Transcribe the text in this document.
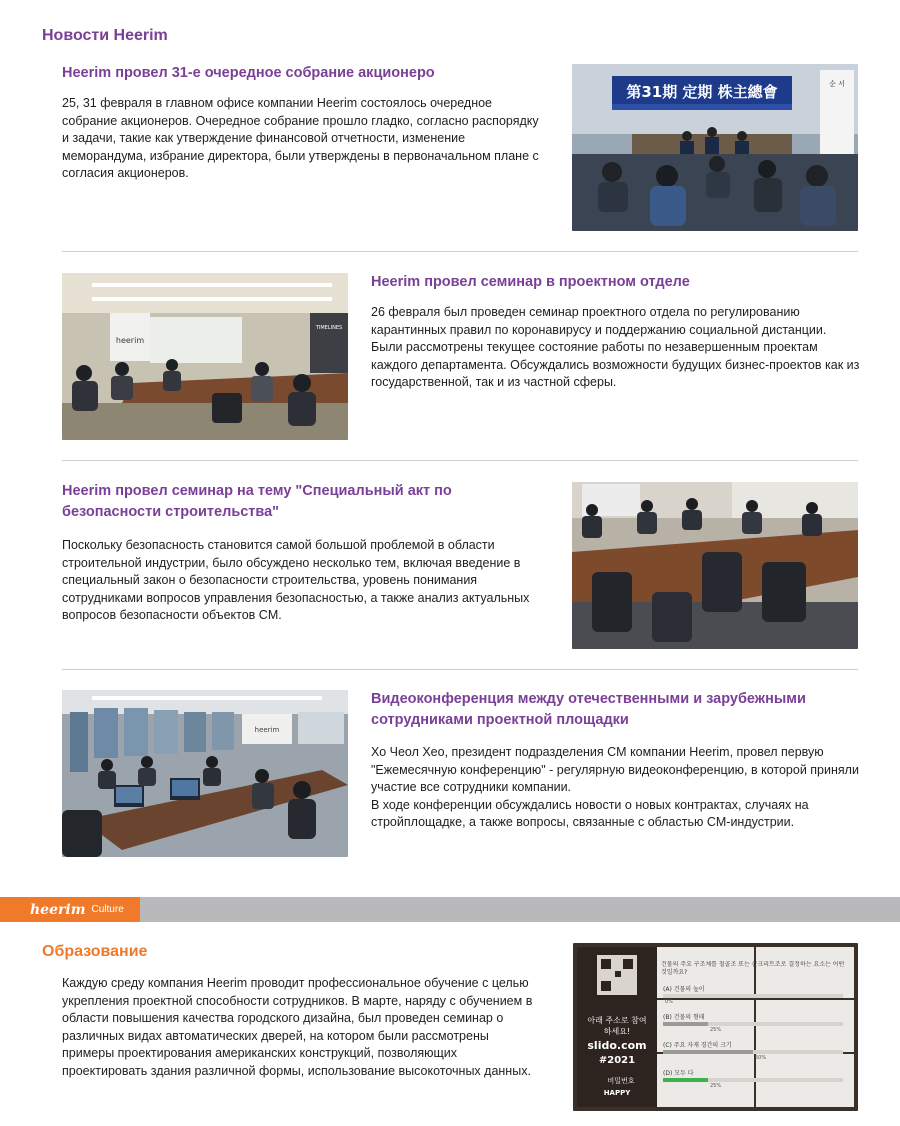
Новости Heerim
Heerim провел 31-е очередное собрание акционеро
25, 31 февраля в главном офисе компании Heerim состоялось очередное собрание акционеров. Очередное собрание прошло гладко, согласно распорядку и задачи, такие как утверждение финансовой отчетности, изменение меморандума, избрание директора, были утверждены в первоначальном плане с согласия акционеров.
第31期 定期 株主總會	순 서
heerim
TIMELINES
Heerim провел семинар в проектном отделе
26 февраля был проведен семинар проектного отдела по регулированию карантинных правил по коронавирусу и поддержанию социальной дистанции. Были рассмотрены текущее состояние работы по незавершенным проектам каждого департамента. Обсуждались возможности будущих бизнес-проектов как из государственной, так и из частной сферы.
Heerim провел семинар на тему "Специальный акт по безопасности строительства"
Поскольку безопасность становится самой большой проблемой в области строительной индустрии, было обсуждено несколько тем, включая введение в специальный закон о безопасности строительства, уровень понимания сотрудниками вопросов управления безопасностью, а также анализ актуальных вопросов безопасности объектов CM.
heerim
Видеоконференция между отечественными и зарубежными сотрудниками проектной площадки
Хо Чеол Хео, президент подразделения CM компании Heerim, провел первую "Ежемесячную конференцию" - регулярную видеоконференцию, в которой приняли участие все сотрудники компании.
В ходе конференции обсуждались новости о новых контрактах, случаях на стройплощадке, а также вопросы, связанные с областью CM-индустрии.
heerim Culture
Образование
Каждую среду компания Heerim проводит профессиональное обучение с целью укрепления проектной способности сотрудников. В марте, наряду с обучением в области повышения качества городского дизайна, был проведен семинар о различных видах автоматических дверей, на котором были рассмотрены примеры проектирования американских конструкций, позволяющих проектировать здания различной формы, использование высокоточных данных.
아래 주소로 참여
하세요!
slido.com
#2021
비밀번호
HAPPY
건물의 주요 구조체를 철골조 또는 콘크리트조로 결정하는 요소는 어떤 것일까요?
(A) 건물의 높이
0%
(B) 건물의 형태
25%
(C) 주요 자재 경간의 크기
50%
(D) 모두 다
25%
